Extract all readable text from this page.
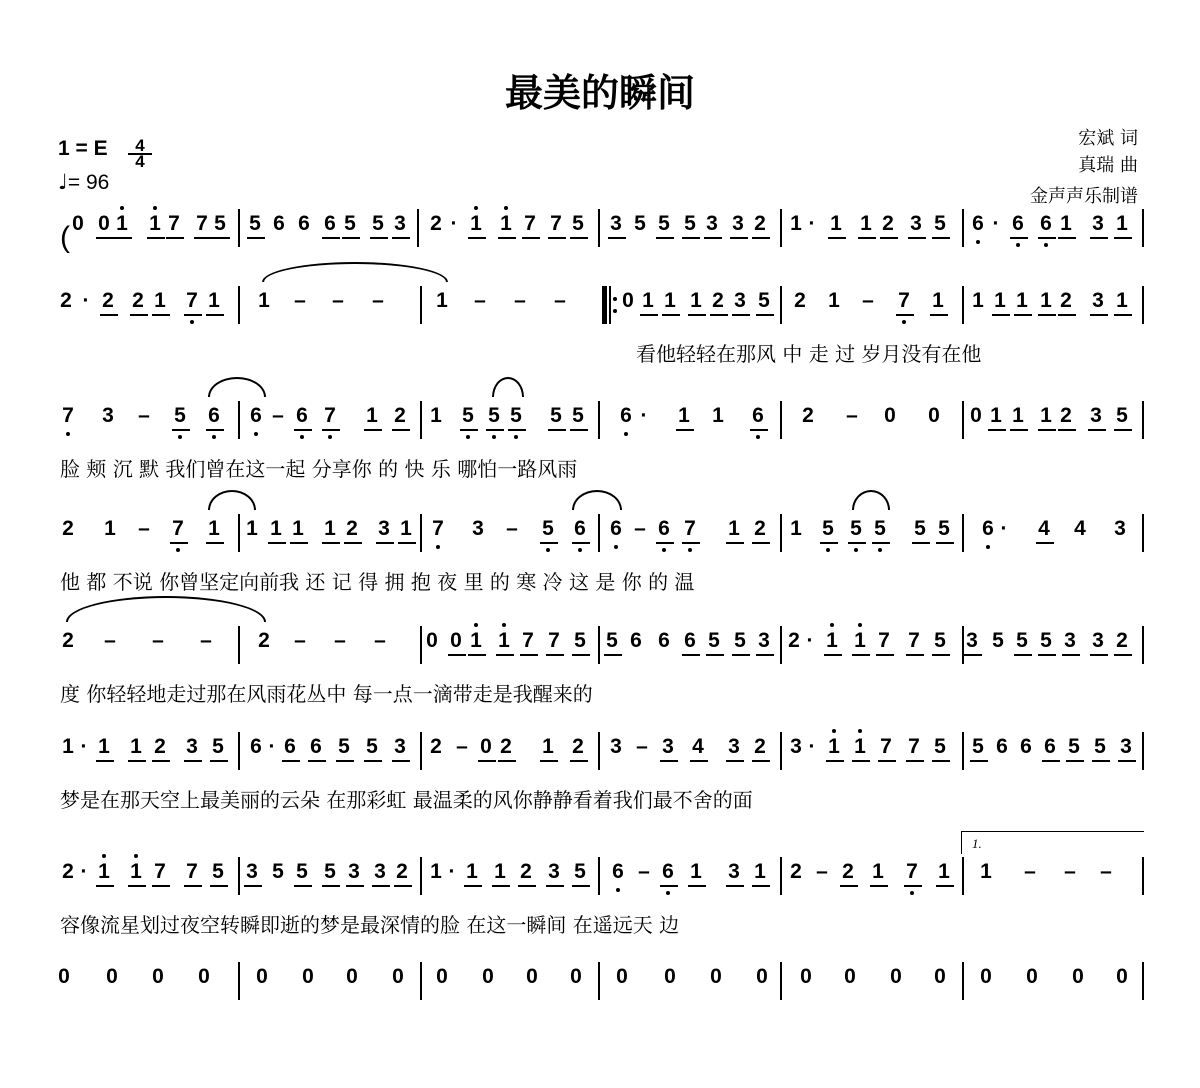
最美的瞬间
1 = E $\frac{4}{4}$
♩= 96
宏斌 词
真瑞 曲
金声声乐制谱
( 0 0 1 1 7 7 5 5 6 6 6 5 5 3 2 · 1 1 7 7 5 3 5 5 5 3 3 2 1 · 1 1 2 3 5 6 · 6 6 1 3 1
2 · 2 2 1 7 1 1 – – – 1 – – –	0 1 1 1 2 3 5 2 1 – 7 1 1 1 1 1 2 3 1
看他轻轻在那风 中 走 过 岁月没有在他
7 3 – 5 6 6 – 6 7 1 2 1 5 5 5 5 5 6 · 1 1 6 2 – 0 0 0 1 1 1 2 3 5
脸 颊 沉 默 我们曾在这一起 分享你 的 快 乐 哪怕一路风雨
2 1 – 7 1 1 1 1 1 2 3 1 7 3 – 5 6 6 – 6 7 1 2 1 5 5 5 5 5 6 · 4 4 3
他 都 不说 你曾坚定向前我 还 记 得 拥 抱 夜 里 的 寒 冷 这 是 你 的 温
2 – – – 2 – – – 0 0 1 1 7 7 5 5 6 6 6 5 5 3 2 · 1 1 7 7 5 3 5 5 5 3 3 2
度 你轻轻地走过那在风雨花丛中 每一点一滴带走是我醒来的
1 · 1 1 2 3 5 6 · 6 6 5 5 3 2 – 0 2 1 2 3 – 3 4 3 2 3 · 1 1 7 7 5 5 6 6 6 5 5 3
梦是在那天空上最美丽的云朵 在那彩虹 最温柔的风你静静看着我们最不舍的面
2 · 1 1 7 7 5 3 5 5 5 3 3 2 1 · 1 1 2 3 5 6 – 6 1 3 1 2 – 2 1 7 1 1 – – –
容像流星划过夜空转瞬即逝的梦是最深情的脸 在这一瞬间 在遥远天 边
0 0 0 0 0 0 0 0 0 0 0 0 0 0 0 0 0 0 0 0 0 0 0 0
1.
